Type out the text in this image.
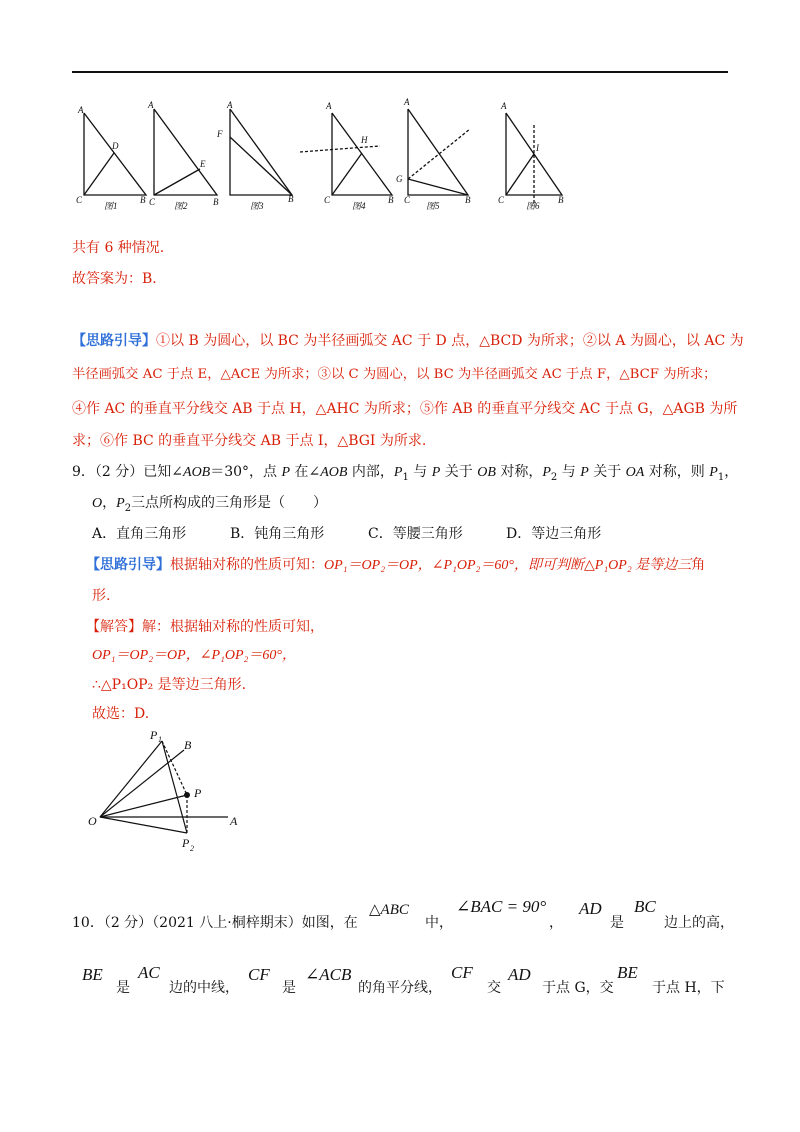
A
C	B
D
图1
A
C	B
E
图2
A
F
B
图3
A
H
C	B
图4
A
G
C	B
图5
A
I
C	B
图6
共有 6 种情况.
故答案为：B.
【思路引导】①以 B 为圆心，以 BC 为半径画弧交 AC 于 D 点，△BCD 为所求；②以 A 为圆心，以 AC 为
半径画弧交 AC 于点 E，△ACE 为所求；③以 C 为圆心，以 BC 为半径画弧交 AC 于点 F，△BCF 为所求；
④作 AC 的垂直平分线交 AB 于点 H，△AHC 为所求；⑤作 AB 的垂直平分线交 AC 于点 G，△AGB 为所
求；⑥作 BC 的垂直平分线交 AB 于点 I，△BGI 为所求.
9．（2 分）已知∠AOB＝30°，点 P 在∠AOB 内部，$P_1$ 与 P 关于 OB 对称，$P_2$ 与 P 关于 OA 对称，则 $P_1$，
O，$P_2$三点所构成的三角形是（　　）
A．直角三角形	B．钝角三角形	C．等腰三角形	D．等边三角形
【思路引导】根据轴对称的性质可知：OP₁＝OP₂＝OP，∠P₁OP₂＝60°，即可判断△P₁OP₂ 是等边三角
形.
【解答】解：根据轴对称的性质可知，
OP₁＝OP₂＝OP，∠P₁OP₂＝60°，
∴△P₁OP₂ 是等边三角形.
故选：D.
P 1 B
P
O	A
P 2
10．（2 分）（2021 八上·桐梓期末）如图，在
△ABC
中，
∠BAC = 90°
，
AD
是
BC
边上的高，
BE
是
AC
边的中线，
CF
是
∠ACB
的角平分线，
CF
交
AD
于点 G，交
BE
于点 H，下
